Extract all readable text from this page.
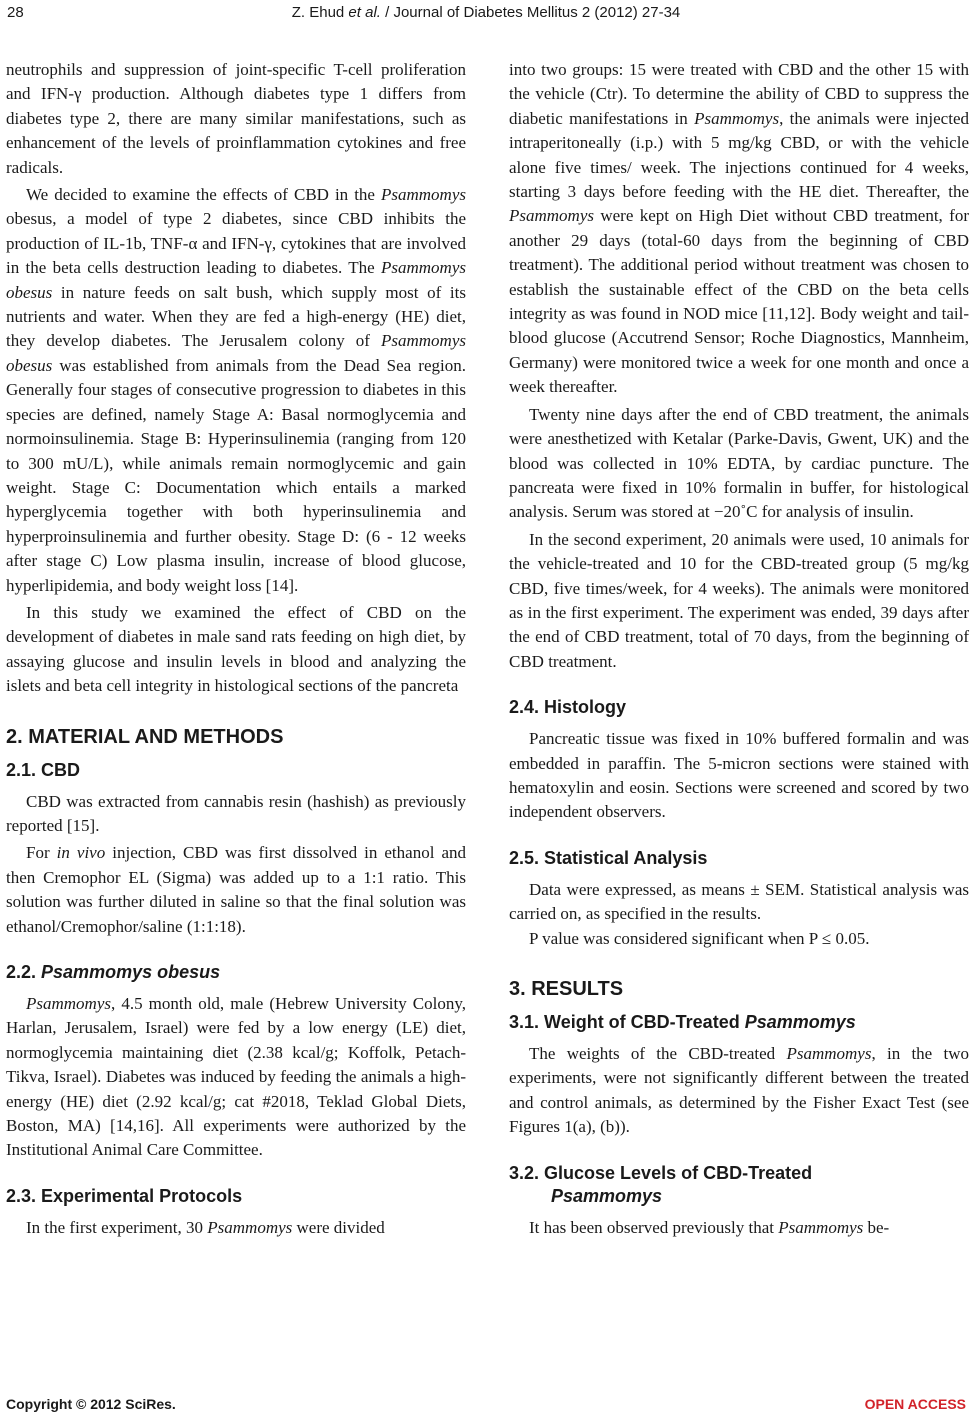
28	Z. Ehud et al. / Journal of Diabetes Mellitus 2 (2012) 27-34

neutrophils and suppression of joint-specific T-cell proliferation and IFN-γ production. Although diabetes type 1 differs from diabetes type 2, there are many similar manifestations, such as enhancement of the levels of proinflammation cytokines and free radicals.

We decided to examine the effects of CBD in the Psammomys obesus, a model of type 2 diabetes, since CBD inhibits the production of IL-1b, TNF-α and IFN-γ, cytokines that are involved in the beta cells destruction leading to diabetes. The Psammomys obesus in nature feeds on salt bush, which supply most of its nutrients and water. When they are fed a high-energy (HE) diet, they develop diabetes. The Jerusalem colony of Psammomys obesus was established from animals from the Dead Sea region. Generally four stages of consecutive progression to diabetes in this species are defined, namely Stage A: Basal normoglycemia and normoinsulinemia. Stage B: Hyperinsulinemia (ranging from 120 to 300 mU/L), while animals remain normoglycemic and gain weight. Stage C: Documentation which entails a marked hyperglycemia together with both hyperinsulinemia and hyperproinsulinemia and further obesity. Stage D: (6 - 12 weeks after stage C) Low plasma insulin, increase of blood glucose, hyperlipidemia, and body weight loss [14].

In this study we examined the effect of CBD on the development of diabetes in male sand rats feeding on high diet, by assaying glucose and insulin levels in blood and analyzing the islets and beta cell integrity in histological sections of the pancreta

2. MATERIAL AND METHODS
2.1. CBD

CBD was extracted from cannabis resin (hashish) as previously reported [15].

For in vivo injection, CBD was first dissolved in ethanol and then Cremophor EL (Sigma) was added up to a 1:1 ratio. This solution was further diluted in saline so that the final solution was ethanol/Cremophor/saline (1:1:18).

2.2. Psammomys obesus

Psammomys, 4.5 month old, male (Hebrew University Colony, Harlan, Jerusalem, Israel) were fed by a low energy (LE) diet, normoglycemia maintaining diet (2.38 kcal/g; Koffolk, Petach-Tikva, Israel). Diabetes was induced by feeding the animals a high-energy (HE) diet (2.92 kcal/g; cat #2018, Teklad Global Diets, Boston, MA) [14,16]. All experiments were authorized by the Institutional Animal Care Committee.

2.3. Experimental Protocols

In the first experiment, 30 Psammomys were divided

into two groups: 15 were treated with CBD and the other 15 with the vehicle (Ctr). To determine the ability of CBD to suppress the diabetic manifestations in Psammomys, the animals were injected intraperitoneally (i.p.) with 5 mg/kg CBD, or with the vehicle alone five times/ week. The injections continued for 4 weeks, starting 3 days before feeding with the HE diet. Thereafter, the Psammomys were kept on High Diet without CBD treatment, for another 29 days (total-60 days from the beginning of CBD treatment). The additional period without treatment was chosen to establish the sustainable effect of the CBD on the beta cells integrity as was found in NOD mice [11,12]. Body weight and tail-blood glucose (Accutrend Sensor; Roche Diagnostics, Mannheim, Germany) were monitored twice a week for one month and once a week thereafter.

Twenty nine days after the end of CBD treatment, the animals were anesthetized with Ketalar (Parke-Davis, Gwent, UK) and the blood was collected in 10% EDTA, by cardiac puncture. The pancreata were fixed in 10% formalin in buffer, for histological analysis. Serum was stored at −20˚C for analysis of insulin.

In the second experiment, 20 animals were used, 10 animals for the vehicle-treated and 10 for the CBD-treated group (5 mg/kg CBD, five times/week, for 4 weeks). The animals were monitored as in the first experiment. The experiment was ended, 39 days after the end of CBD treatment, total of 70 days, from the beginning of CBD treatment.

2.4. Histology

Pancreatic tissue was fixed in 10% buffered formalin and was embedded in paraffin. The 5-micron sections were stained with hematoxylin and eosin. Sections were screened and scored by two independent observers.

2.5. Statistical Analysis

Data were expressed, as means ± SEM. Statistical analysis was carried on, as specified in the results.

P value was considered significant when P ≤ 0.05.

3. RESULTS
3.1. Weight of CBD-Treated Psammomys

The weights of the CBD-treated Psammomys, in the two experiments, were not significantly different between the treated and control animals, as determined by the Fisher Exact Test (see Figures 1(a), (b)).

3.2. Glucose Levels of CBD-Treated
Psammomys

It has been observed previously that Psammomys be-

Copyright © 2012 SciRes.	OPEN ACCESS
